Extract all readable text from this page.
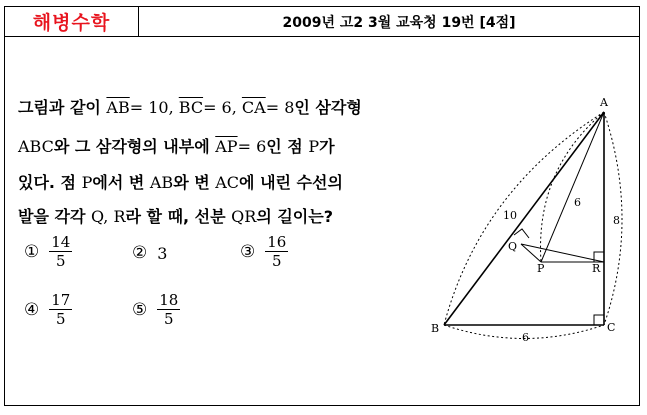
해병수학	2009년 고2 3월 교육청 19번 [4점]
그림과 같이 $\overline{AB}= 10$, $\overline{BC}= 6$, $\overline{CA}= 8$인 삼각형
ABC와 그 삼각형의 내부에 $\overline{AP}= 6$인 점 P가
있다. 점 P에서 변 AB와 변 AC에 내린 수선의
발을 각각 Q, R라 할 때, 선분 QR의 길이는?
① $\frac{14}{5}$	② 3	③ $\frac{16}{5}$
④ $\frac{17}{5}$	⑤ $\frac{18}{5}$
A
B	C
P
Q
R
10
6
8
6
